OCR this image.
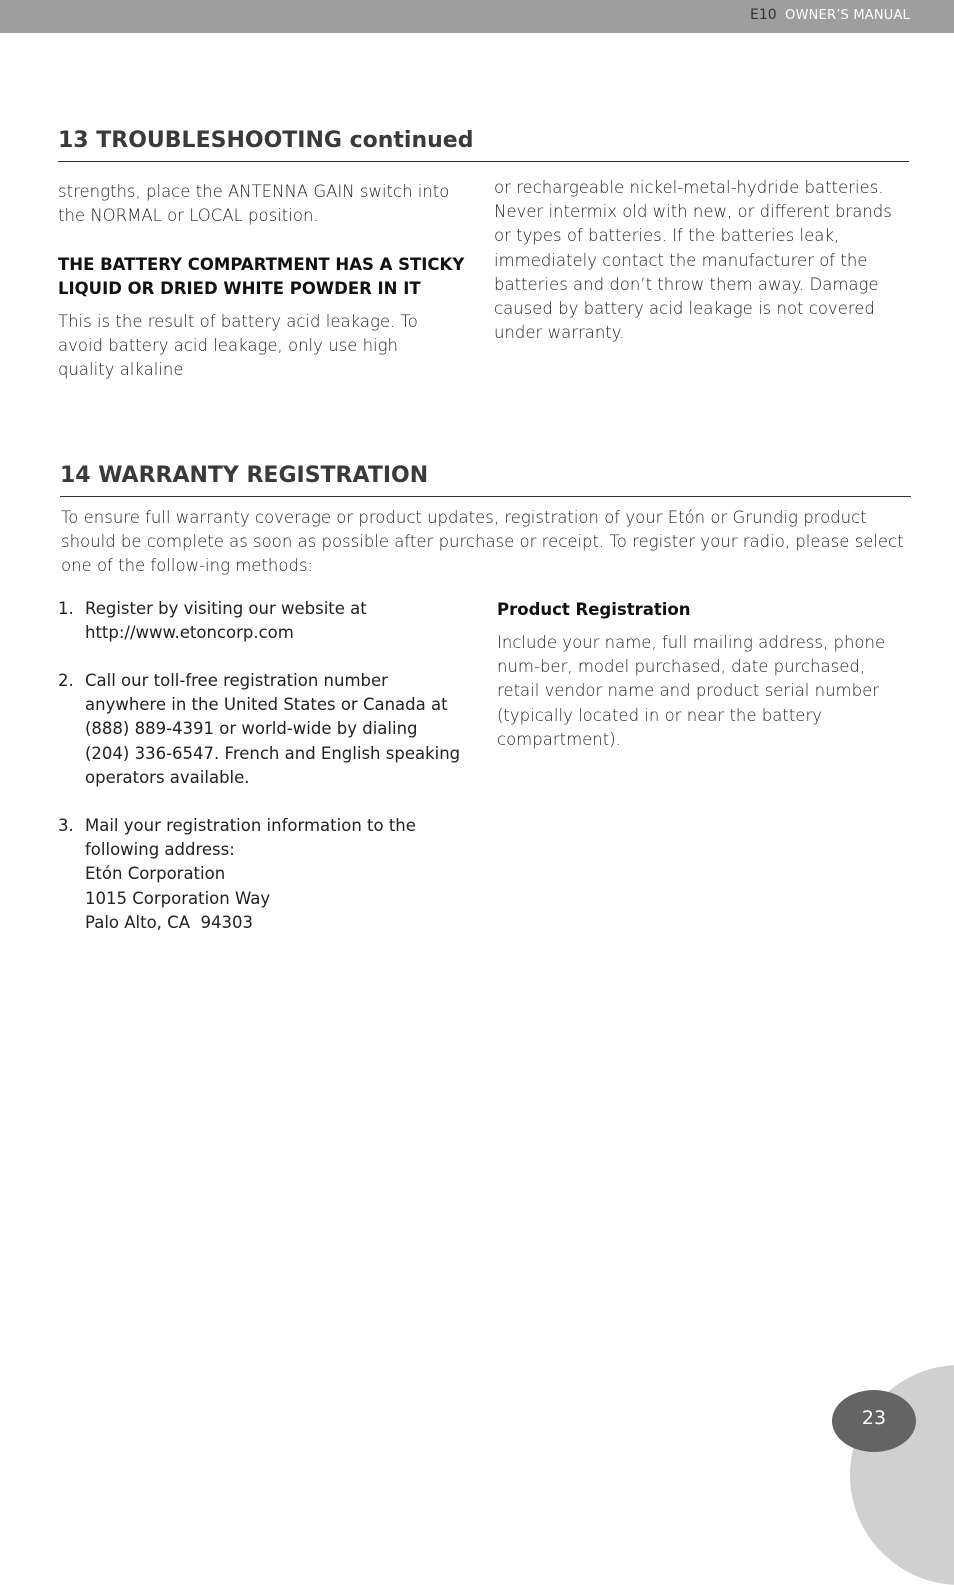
E10 OWNER’S MANUAL
13 TROUBLESHOOTING continued

strengths, place the ANTENNA GAIN switch into the NORMAL or LOCAL position.

THE BATTERY COMPARTMENT HAS A STICKY LIQUID OR DRIED WHITE POWDER IN IT

This is the result of battery acid leakage. To avoid battery acid leakage, only use high quality alkaline

or rechargeable nickel-metal-hydride batteries. Never intermix old with new, or different brands or types of batteries. If the batteries leak, immediately contact the manufacturer of the batteries and don’t throw them away. Damage caused by battery acid leakage is not covered under warranty.

14 WARRANTY REGISTRATION

To ensure full warranty coverage or product updates, registration of your Etón or Grundig product should be complete as soon as possible after purchase or receipt. To register your radio, please select one of the follow-ing methods:

1. Register by visiting our website at
http://www.etoncorp.com
2. Call our toll-free registration number
anywhere in the United States or Canada at
(888) 889-4391 or world-wide by dialing
(204) 336-6547. French and English speaking
operators available.
3. Mail your registration information to the
following address:
Etón Corporation
1015 Corporation Way
Palo Alto, CA  94303
Product Registration

Include your name, full mailing address, phone num-ber, model purchased, date purchased, retail vendor name and product serial number (typically located in or near the battery compartment).

23
